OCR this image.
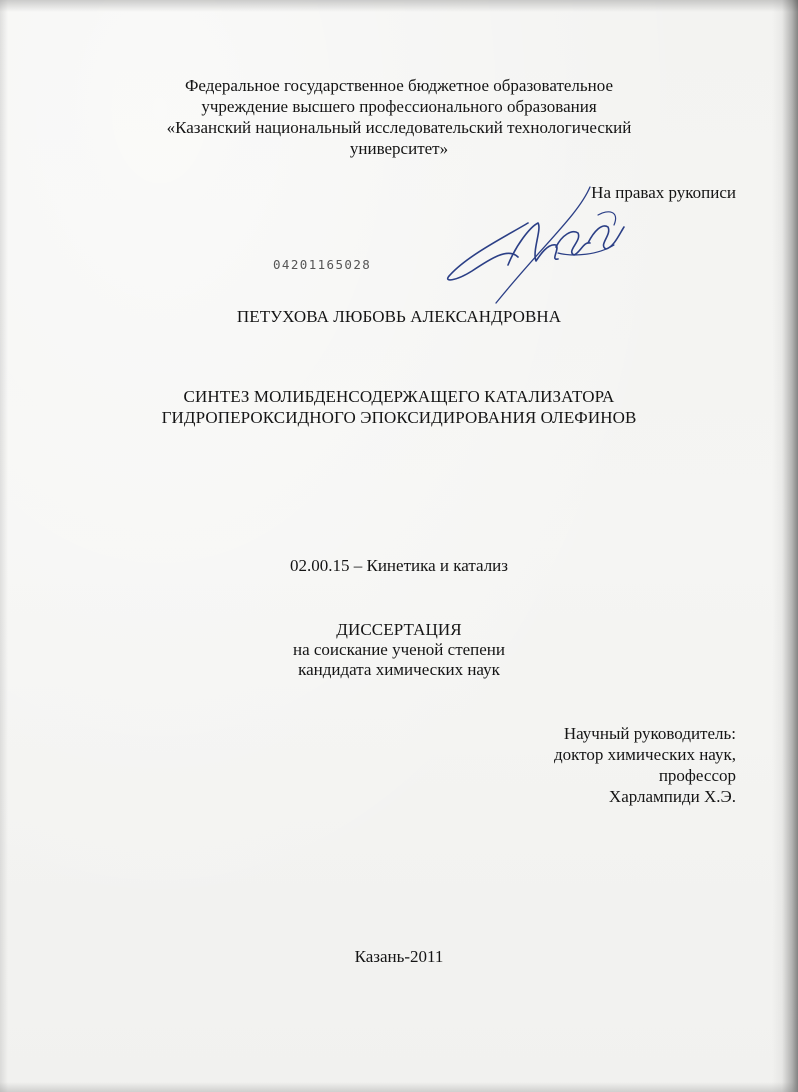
Федеральное государственное бюджетное образовательное
учреждение высшего профессионального образования
«Казанский национальный исследовательский технологический
университет»
На правах рукописи
04201165028
ПЕТУХОВА ЛЮБОВЬ АЛЕКСАНДРОВНА
СИНТЕЗ МОЛИБДЕНСОДЕРЖАЩЕГО КАТАЛИЗАТОРА
ГИДРОПЕРОКСИДНОГО ЭПОКСИДИРОВАНИЯ ОЛЕФИНОВ
02.00.15 – Кинетика и катализ
ДИССЕРТАЦИЯ
на соискание ученой степени
кандидата химических наук
Научный руководитель:
доктор химических наук,
профессор
Харлампиди Х.Э.
Казань-2011
